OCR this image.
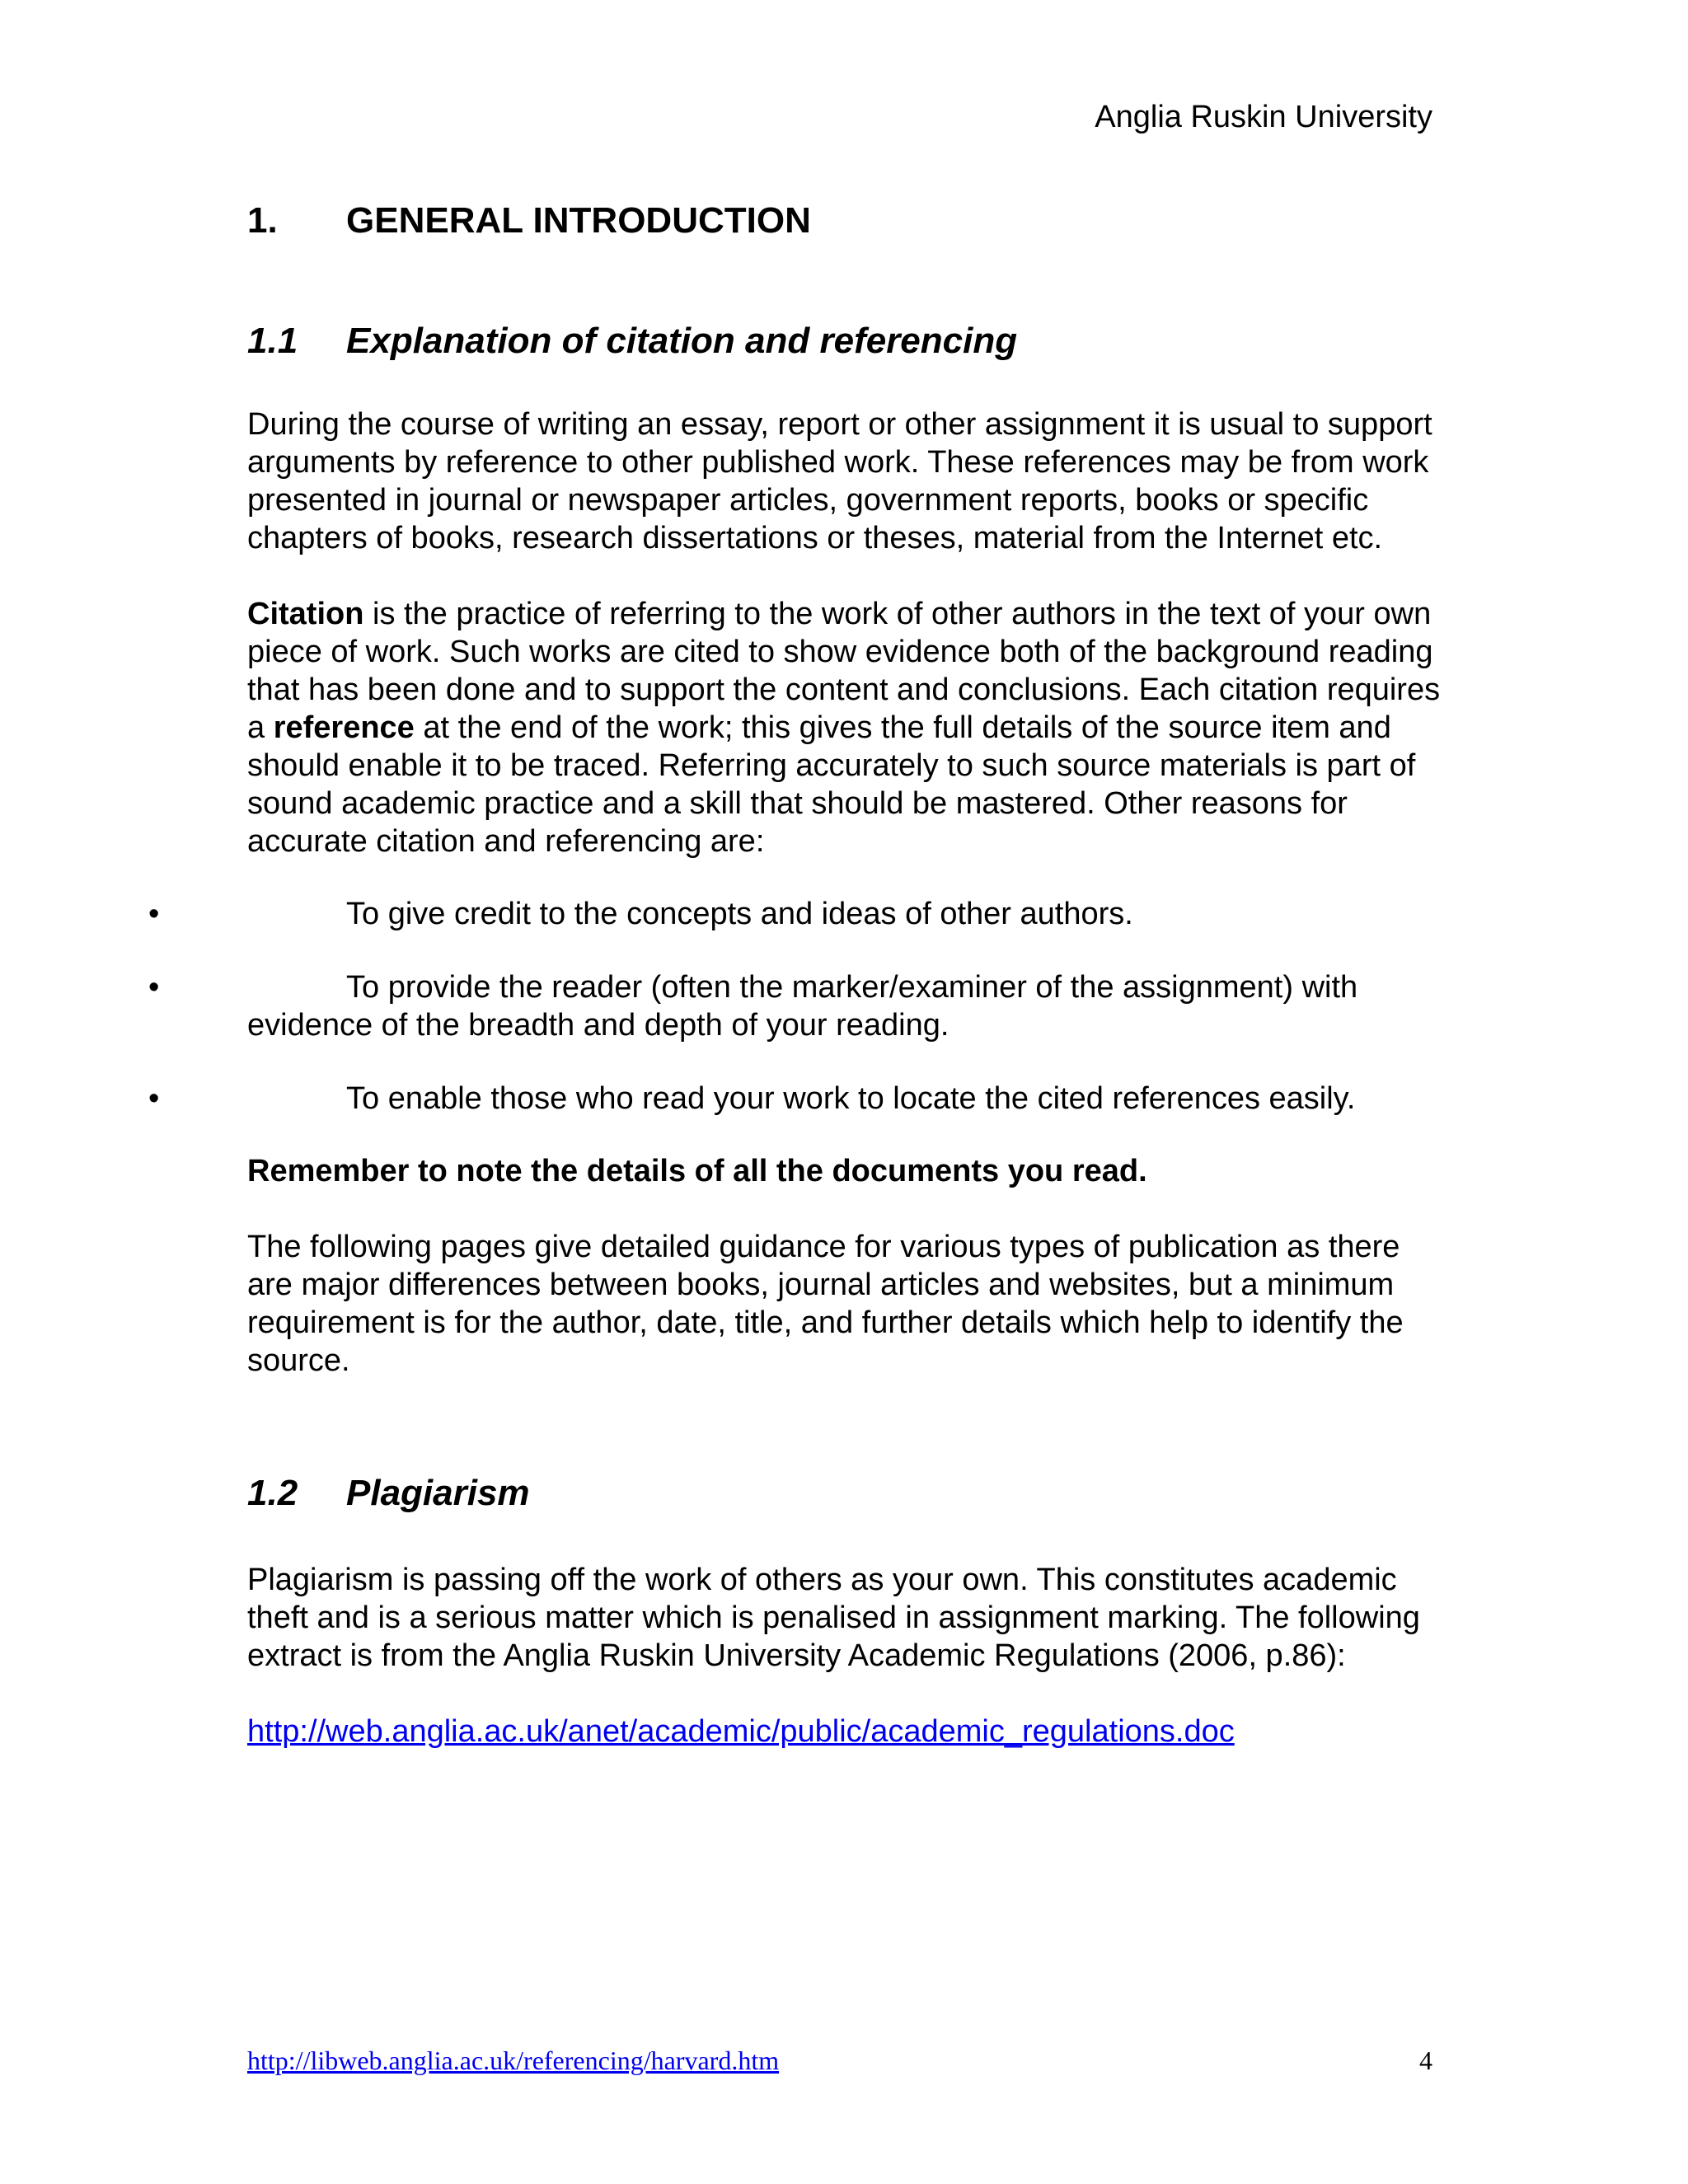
Anglia Ruskin University
1.	GENERAL INTRODUCTION
1.1	Explanation of citation and referencing

During the course of writing an essay, report or other assignment it is usual to support arguments by reference to other published work. These references may be from work presented in journal or newspaper articles, government reports, books or specific chapters of books, research dissertations or theses, material from the Internet etc.

Citation is the practice of referring to the work of other authors in the text of your own piece of work. Such works are cited to show evidence both of the background reading that has been done and to support the content and conclusions. Each citation requires a reference at the end of the work; this gives the full details of the source item and should enable it to be traced. Referring accurately to such source materials is part of sound academic practice and a skill that should be mastered. Other reasons for accurate citation and referencing are:

•	To give credit to the concepts and ideas of other authors.

•	To provide the reader (often the marker/examiner of the assignment) with evidence of the breadth and depth of your reading.

•	To enable those who read your work to locate the cited references easily.

Remember to note the details of all the documents you read.

The following pages give detailed guidance for various types of publication as there are major differences between books, journal articles and websites, but a minimum requirement is for the author, date, title, and further details which help to identify the source.

1.2	Plagiarism

Plagiarism is passing off the work of others as your own. This constitutes academic theft and is a serious matter which is penalised in assignment marking. The following extract is from the Anglia Ruskin University Academic Regulations (2006, p.86):

http://web.anglia.ac.uk/anet/academic/public/academic_regulations.doc
http://libweb.anglia.ac.uk/referencing/harvard.htm	4
